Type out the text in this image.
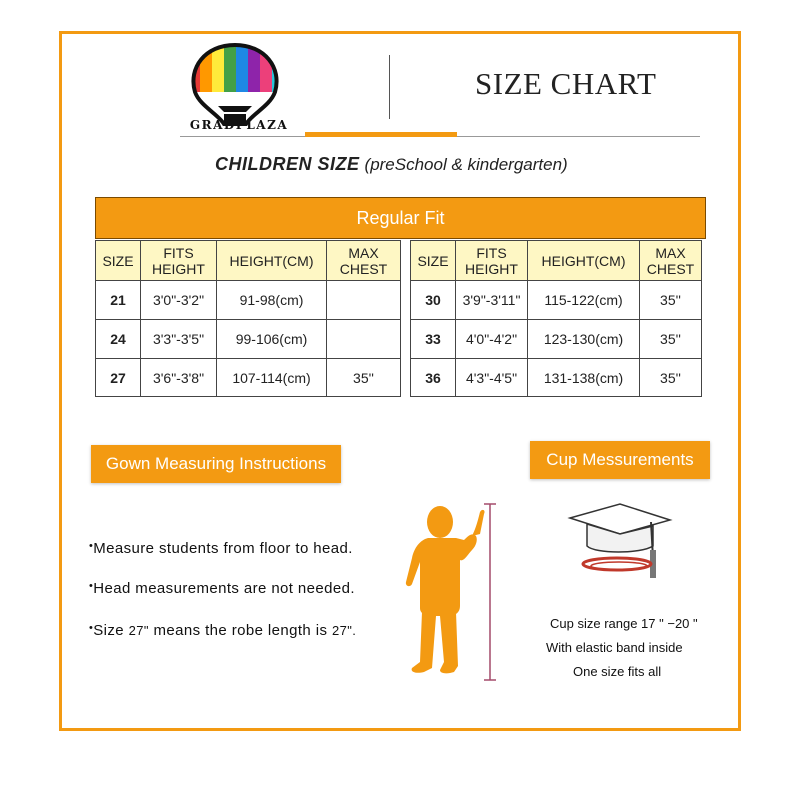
GRADPLAZA
SIZE CHART
CHILDREN SIZE (preSchool & kindergarten)
Regular Fit
SIZE	FITS HEIGHT	HEIGHT(CM)	MAX CHEST
21	3'0"-3'2"	91-98(cm)	
24	3'3"-3'5"	99-106(cm)	
27	3'6"-3'8"	107-114(cm)	35''
SIZE	FITS HEIGHT	HEIGHT(CM)	MAX CHEST
30	3'9"-3'11"	115-122(cm)	35''
33	4'0"-4'2"	123-130(cm)	35''
36	4'3"-4'5"	131-138(cm)	35''
Gown Measuring Instructions	Cup Messurements
•Measure students from floor to head.
•Head measurements are not needed.
•Size 27" means the robe length is 27".	Cup size range 17 " −20 "
With elastic band inside
One size fits all
